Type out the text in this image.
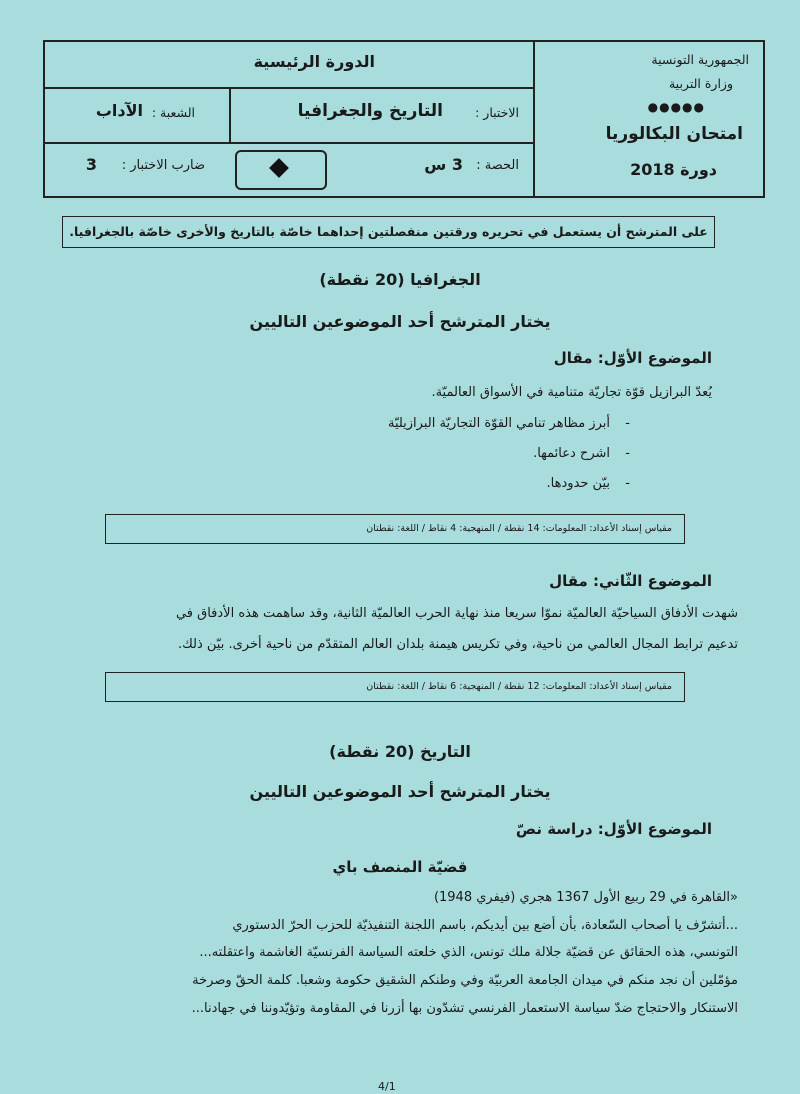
الجمهورية التونسية
وزارة التربية
●●●●●
امتحان البكالوريا
دورة 2018
الدورة الرئيسية
الاختبار :
التاريخ والجغرافيا
الشعبة :
الآداب
الحصة :
3 س
ضارب الاختبار :
3
على المترشح أن يستعمل في تحريره ورقتين منفصلتين إحداهما خاصّة بالتاريخ والأخرى خاصّة بالجغرافيا.
الجغرافيا (20 نقطة)
يختار المترشح أحد الموضوعين التاليين
الموضوع الأوّل: مقال
يُعدّ البرازيل قوّة تجاريّة متنامية في الأسواق العالميّة.
-
أبرز مظاهر تنامي القوّة التجاريّة البرازيليّة
-
اشرح دعائمها.
-
بيّن حدودها.
مقياس إسناد الأعداد: المعلومات: 14 نقطة / المنهجية: 4 نقاط / اللغة: نقطتان
الموضوع الثّاني: مقال
شهدت الأدفاق السياحيّة العالميّة نموّا سريعا منذ نهاية الحرب العالميّة الثانية، وقد ساهمت هذه الأدفاق في
تدعيم ترابط المجال العالمي من ناحية، وفي تكريس هيمنة بلدان العالم المتقدّم من ناحية أخرى. بيّن ذلك.
مقياس إسناد الأعداد: المعلومات: 12 نقطة / المنهجية: 6 نقاط / اللغة: نقطتان
التاريخ (20 نقطة)
يختار المترشح أحد الموضوعين التاليين
الموضوع الأوّل: دراسة نصّ
قضيّة المنصف باي
«القاهرة في 29 ربيع الأول 1367 هجري (فيفري 1948)
...أتشرّف يا أصحاب السّعادة، بأن أضع بين أيديكم، باسم اللجنة التنفيذيّة للحزب الحرّ الدستوري
التونسي، هذه الحقائق عن قضيّة جلالة ملك تونس، الذي خلعته السياسة الفرنسيّة الغاشمة واعتقلته...
مؤمّلين أن نجد منكم في ميدان الجامعة العربيّة وفي وطنكم الشقيق حكومة وشعبا. كلمة الحقّ وصرخة
الاستنكار والاحتجاج ضدّ سياسة الاستعمار الفرنسي تشدّون بها أزرنا في المقاومة وتؤيّدوننا في جهادنا...
4/1
